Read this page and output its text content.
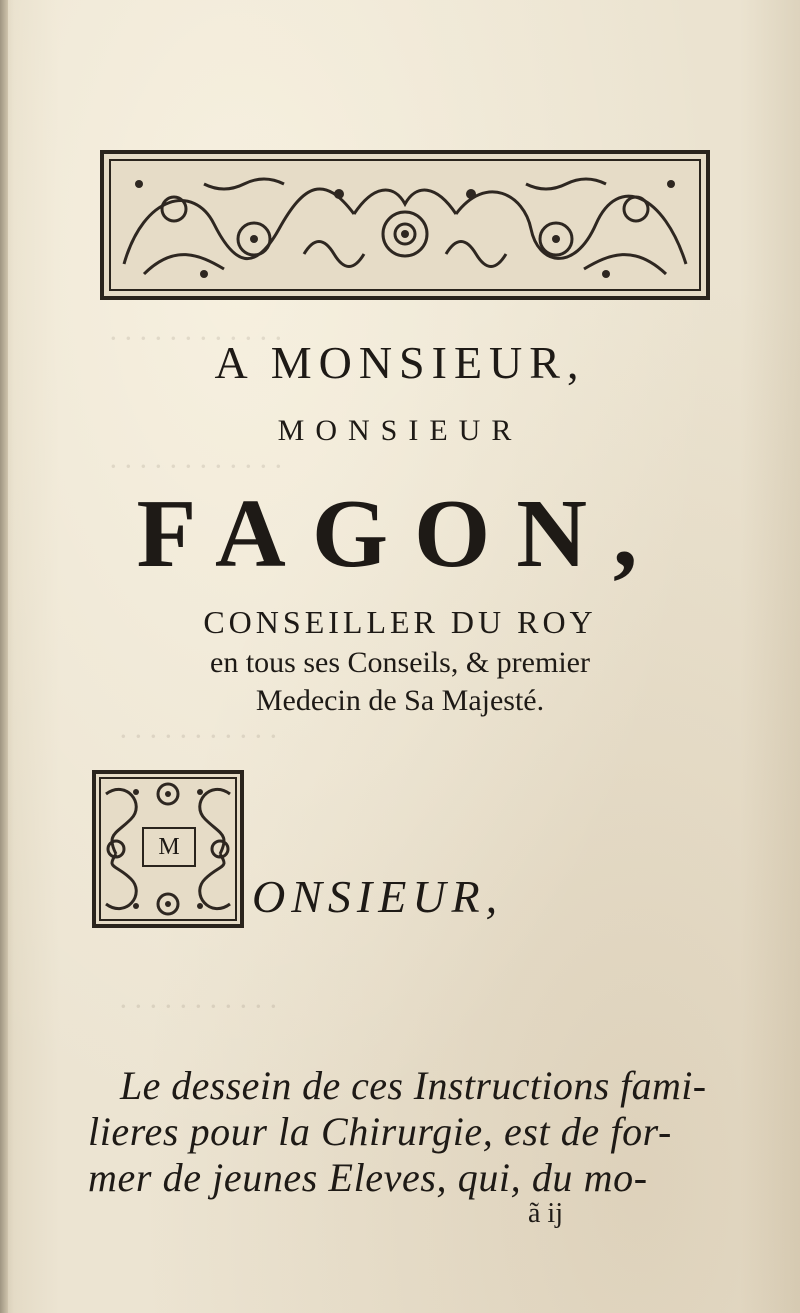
· · · · · · · · · · · ·
· · · · · · · · · · · ·
· · · · · · · · · · ·
· · · · · · · · · · ·
A MONSIEUR,
MONSIEUR
FAGON,
CONSEILLER DU ROY
en tous ses Conseils, & premier
Medecin de Sa Majesté.
M
ONSIEUR,
Le dessein de ces Instructions fami-
lieres pour la Chirurgie, est de for-
mer de jeunes Eleves, qui, du mo-
ã ij
